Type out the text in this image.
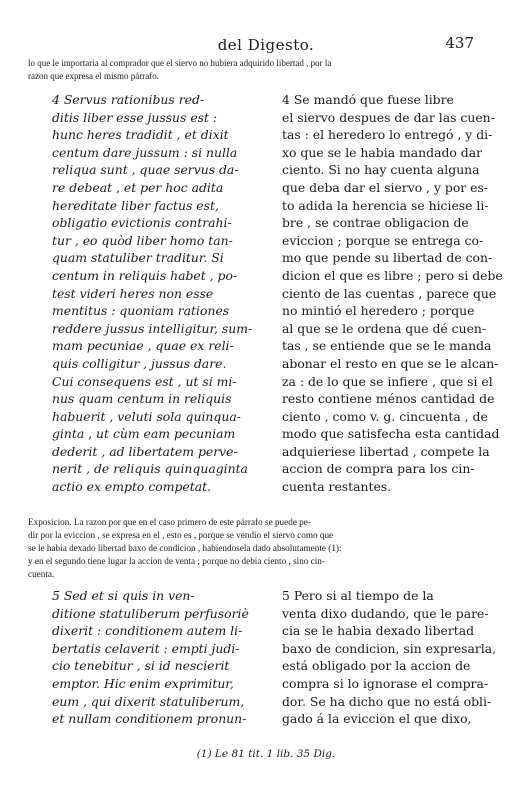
del Digesto.	437
lo que le importaria al comprador que el siervo no hubiera adquirido libertad , por la
razon que expresa el mismo párrafo.
4 Servus rationibus red-
ditis liber esse jussus est :
hunc heres tradidit , et dixit
centum dare jussum : si nulla
reliqua sunt , quae servus da-
re debeat , et per hoc adita
hereditate liber factus est,
obligatio evictionis contrahi-
tur , eo quòd liber homo tan-
quam statuliber traditur. Si
centum in reliquis habet , po-
test videri heres non esse
mentitus : quoniam rationes
reddere jussus intelligitur, sum-
mam pecuniae , quae ex reli-
quis colligitur , jussus dare.
Cui consequens est , ut si mi-
nus quam centum in reliquis
habuerit , veluti sola quinqua-
ginta , ut cùm eam pecuniam
dederit , ad libertatem perve-
nerit , de reliquis quinquaginta
actio ex empto competat.
4 Se mandó que fuese libre
el siervo despues de dar las cuen-
tas : el heredero lo entregó , y di-
xo que se le habia mandado dar
ciento. Si no hay cuenta alguna
que deba dar el siervo , y por es-
to adida la herencia se hiciese li-
bre , se contrae obligacion de
eviccion ; porque se entrega co-
mo que pende su libertad de con-
dicion el que es libre ; pero si debe
ciento de las cuentas , parece que
no mintió el heredero ; porque
al que se le ordena que dé cuen-
tas , se entiende que se le manda
abonar el resto en que se le alcan-
za : de lo que se infiere , que si el
resto contiene ménos cantidad de
ciento , como v. g. cincuenta , de
modo que satisfecha esta cantidad
adquieriese libertad , compete la
accion de compra para los cin-
cuenta restantes.
Exposicion. La razon por que en el caso primero de este párrafo se puede pe-
dir por la eviccion , se expresa en el , esto es , porque se vendio el siervo como que
se le habia dexado libertad baxo de condicion , habiendosela dado absolutamente (1):
y en el segundo tiene lugar la accion de venta ; porque no debia ciento , sino cin-
cuenta.
5 Sed et si quis in ven-
ditione statuliberum perfusoriè
dixerit : conditionem autem li-
bertatis celaverit : empti judi-
cio tenebitur , si id nescierit
emptor. Hic enim exprimitur,
eum , qui dixerit statuliberum,
et nullam conditionem pronun-
5 Pero si al tiempo de la
venta dixo dudando, que le pare-
cia se le habia dexado libertad
baxo de condicion, sin expresarla,
está obligado por la accion de
compra si lo ignorase el compra-
dor. Se ha dicho que no está obli-
gado á la eviccion el que dixo,
(1) Le 81 tit. 1 lib. 35 Dig.
